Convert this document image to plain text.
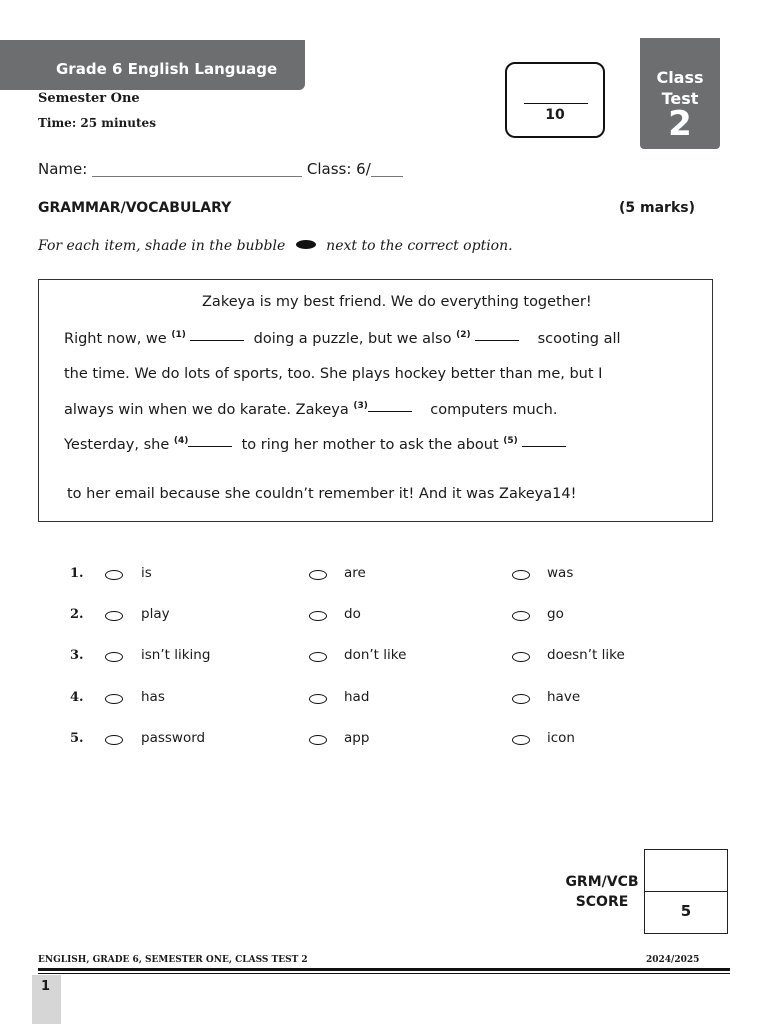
Grade 6 English Language
Semester One
Time: 25 minutes	10
Class
Test
2
Name:	Class: 6/
GRAMMAR/VOCABULARY	(5 marks)
For each item, shade in the bubble	next to the correct option.
Zakeya is my best friend. We do everything together!
Right now, we $^{(1)}$	doing a puzzle, but we also $^{(2)}$	scooting all
the time. We do lots of sports, too. She plays hockey better than me, but I
always win when we do karate. Zakeya $^{(3)}$	computers much.
Yesterday, she $^{(4)}$	to ring her mother to ask the about $^{(5)}$
to her email because she couldn’t remember it! And it was Zakeya14!
1.	is	are	was
2.	play	do	go
3.	isn’t liking	don’t like	doesn’t like
4.	has	had	have
5.	password	app	icon
GRM/VCB
SCORE	5
ENGLISH, GRADE 6, SEMESTER ONE, CLASS TEST 2	2024/2025
1
